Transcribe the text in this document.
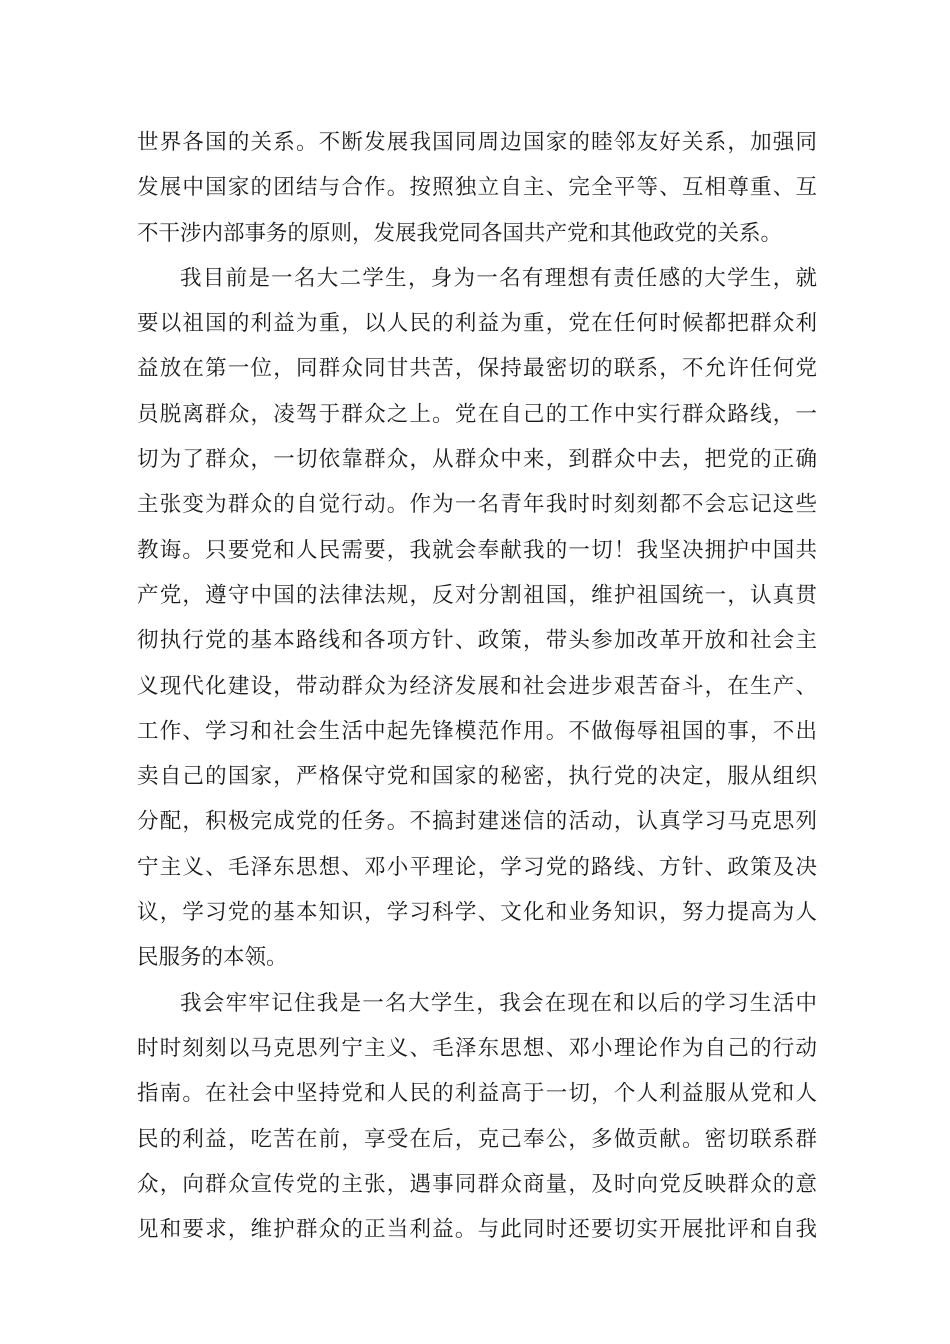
世界各国的关系。不断发展我国同周边国家的睦邻友好关系，加强同
发展中国家的团结与合作。按照独立自主、完全平等、互相尊重、互
不干涉内部事务的原则，发展我党同各国共产党和其他政党的关系。
我目前是一名大二学生，身为一名有理想有责任感的大学生，就
要以祖国的利益为重，以人民的利益为重，党在任何时候都把群众利
益放在第一位，同群众同甘共苦，保持最密切的联系，不允许任何党
员脱离群众，凌驾于群众之上。党在自己的工作中实行群众路线，一
切为了群众，一切依靠群众，从群众中来，到群众中去，把党的正确
主张变为群众的自觉行动。作为一名青年我时时刻刻都不会忘记这些
教诲。只要党和人民需要，我就会奉献我的一切！我坚决拥护中国共
产党，遵守中国的法律法规，反对分割祖国，维护祖国统一，认真贯
彻执行党的基本路线和各项方针、政策，带头参加改革开放和社会主
义现代化建设，带动群众为经济发展和社会进步艰苦奋斗，在生产、
工作、学习和社会生活中起先锋模范作用。不做侮辱祖国的事，不出
卖自己的国家，严格保守党和国家的秘密，执行党的决定，服从组织
分配，积极完成党的任务。不搞封建迷信的活动，认真学习马克思列
宁主义、毛泽东思想、邓小平理论，学习党的路线、方针、政策及决
议，学习党的基本知识，学习科学、文化和业务知识，努力提高为人
民服务的本领。
我会牢牢记住我是一名大学生，我会在现在和以后的学习生活中
时时刻刻以马克思列宁主义、毛泽东思想、邓小理论作为自己的行动
指南。在社会中坚持党和人民的利益高于一切，个人利益服从党和人
民的利益，吃苦在前，享受在后，克己奉公，多做贡献。密切联系群
众，向群众宣传党的主张，遇事同群众商量，及时向党反映群众的意
见和要求，维护群众的正当利益。与此同时还要切实开展批评和自我
